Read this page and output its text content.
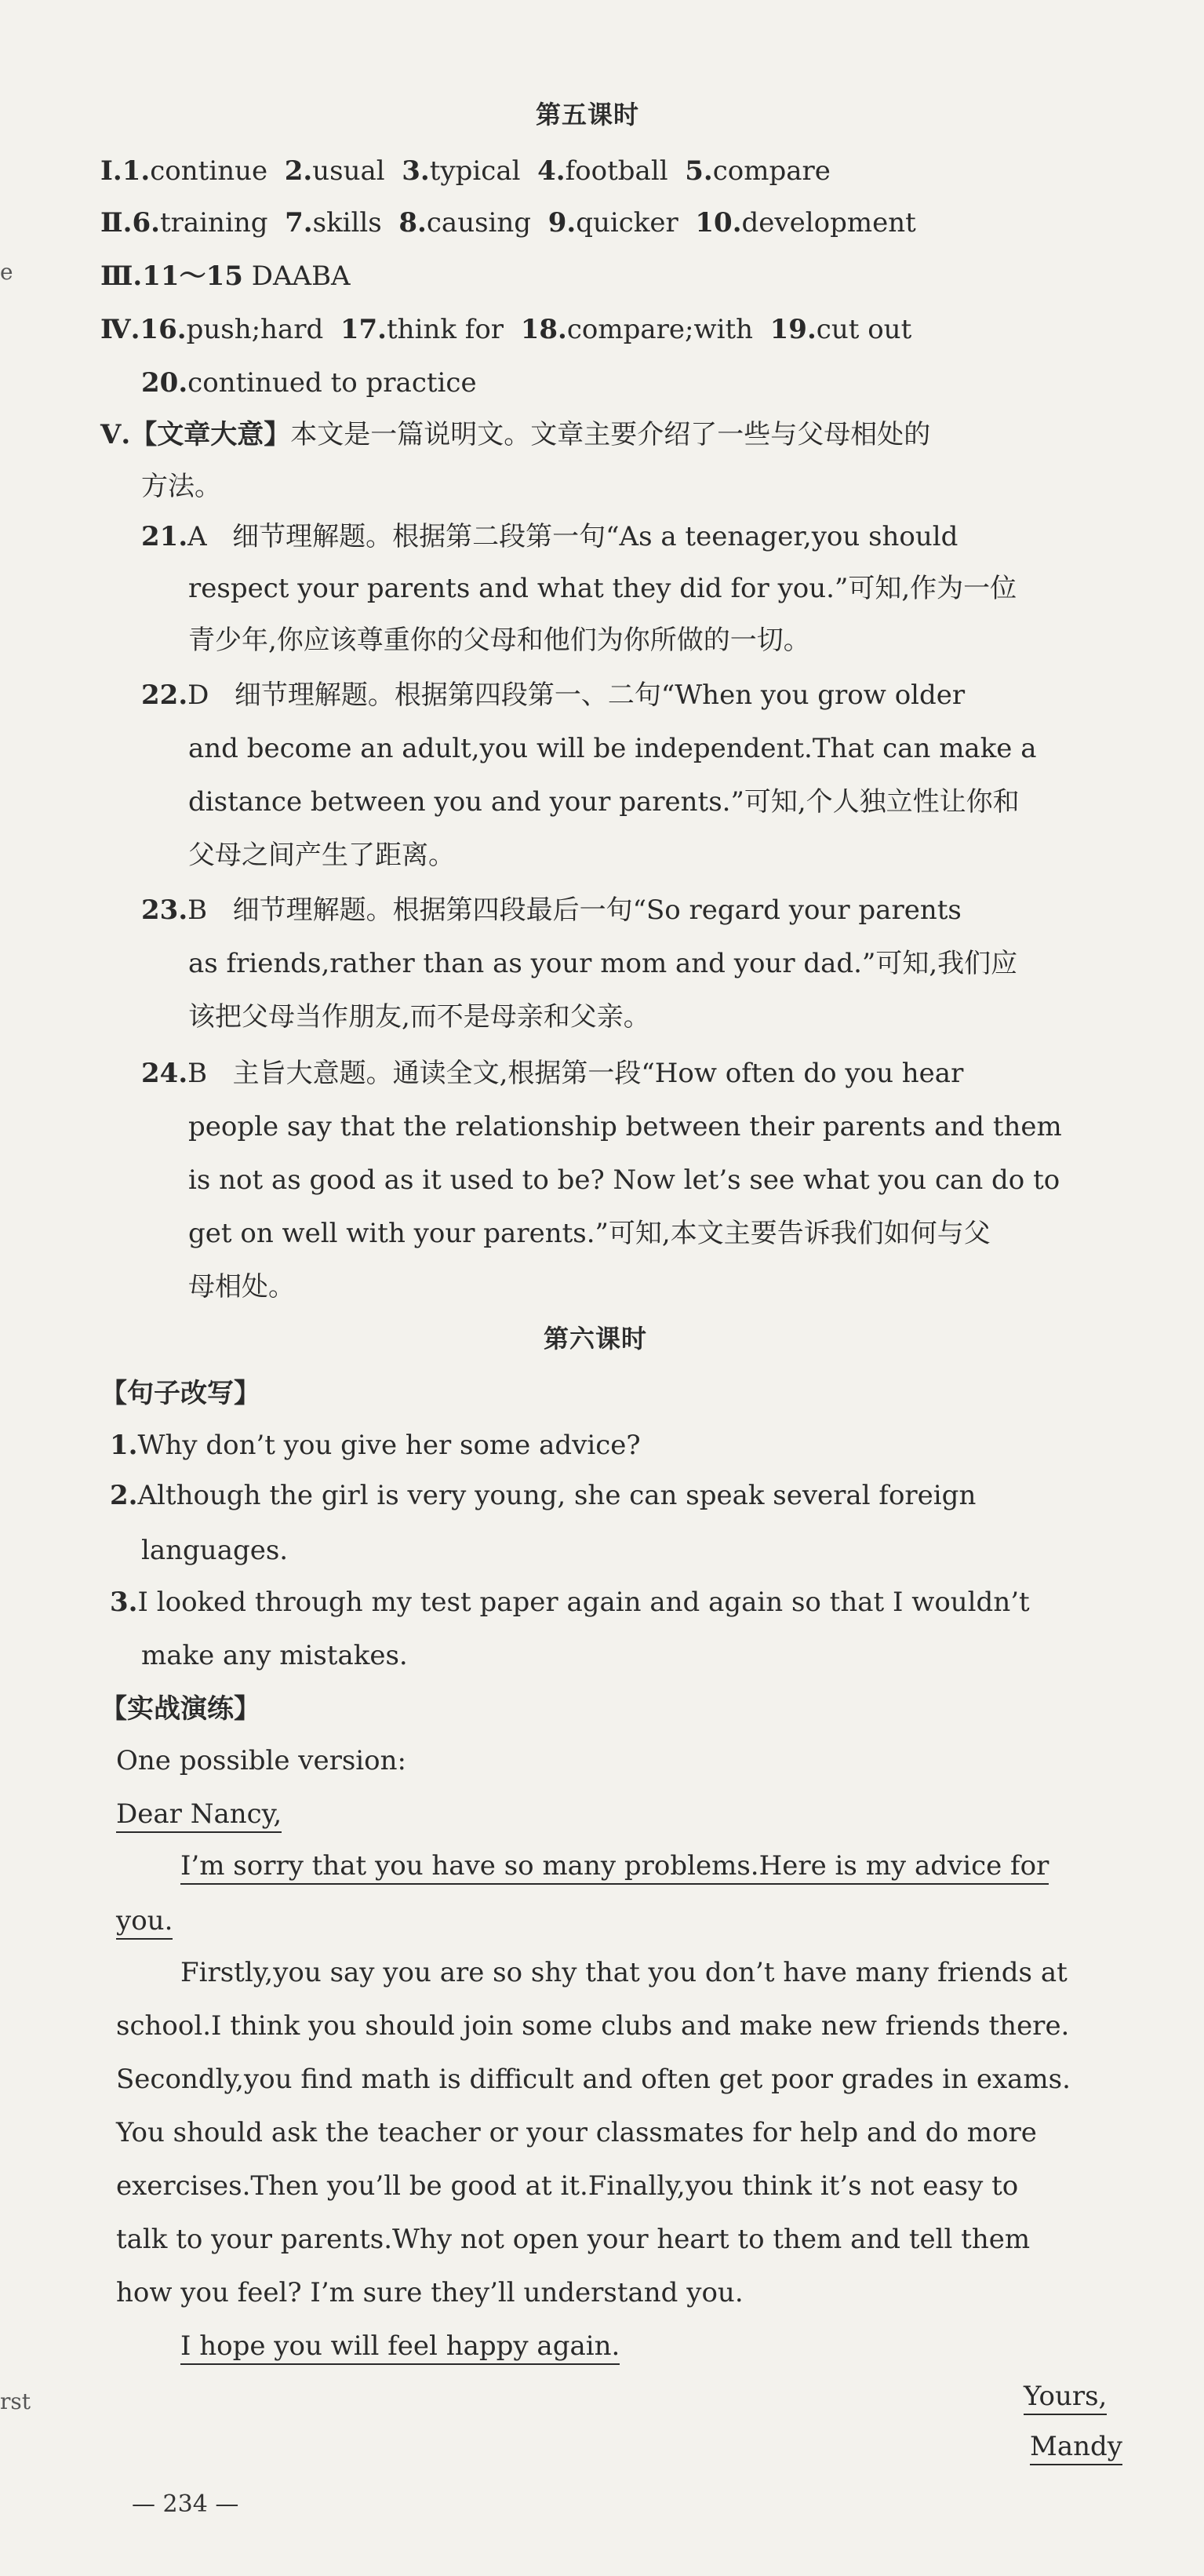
e
rst
第五课时
Ⅰ.1.continue 2.usual 3.typical 4.football 5.compare
Ⅱ.6.training 7.skills 8.causing 9.quicker 10.development
Ⅲ.11～15 DAABA
Ⅳ.16.push;hard 17.think for 18.compare;with 19.cut out
20.continued to practice
Ⅴ.【文章大意】本文是一篇说明文。文章主要介绍了一些与父母相处的
方法。
21.A 细节理解题。根据第二段第一句“As a teenager,you should
respect your parents and what they did for you.”可知,作为一位
青少年,你应该尊重你的父母和他们为你所做的一切。
22.D 细节理解题。根据第四段第一、二句“When you grow older
and become an adult,you will be independent.That can make a
distance between you and your parents.”可知,个人独立性让你和
父母之间产生了距离。
23.B 细节理解题。根据第四段最后一句“So regard your parents
as friends,rather than as your mom and your dad.”可知,我们应
该把父母当作朋友,而不是母亲和父亲。
24.B 主旨大意题。通读全文,根据第一段“How often do you hear
people say that the relationship between their parents and them
is not as good as it used to be? Now let’s see what you can do to
get on well with your parents.”可知,本文主要告诉我们如何与父
母相处。
第六课时
【句子改写】
1.Why don’t you give her some advice?
2.Although the girl is very young, she can speak several foreign
languages.
3.I looked through my test paper again and again so that I wouldn’t
make any mistakes.
【实战演练】
One possible version:
Dear Nancy,
I’m sorry that you have so many problems.Here is my advice for
you.
Firstly,you say you are so shy that you don’t have many friends at
school.I think you should join some clubs and make new friends there.
Secondly,you find math is difficult and often get poor grades in exams.
You should ask the teacher or your classmates for help and do more
exercises.Then you’ll be good at it.Finally,you think it’s not easy to
talk to your parents.Why not open your heart to them and tell them
how you feel? I’m sure they’ll understand you.
I hope you will feel happy again.
Yours,
Mandy
— 234 —
